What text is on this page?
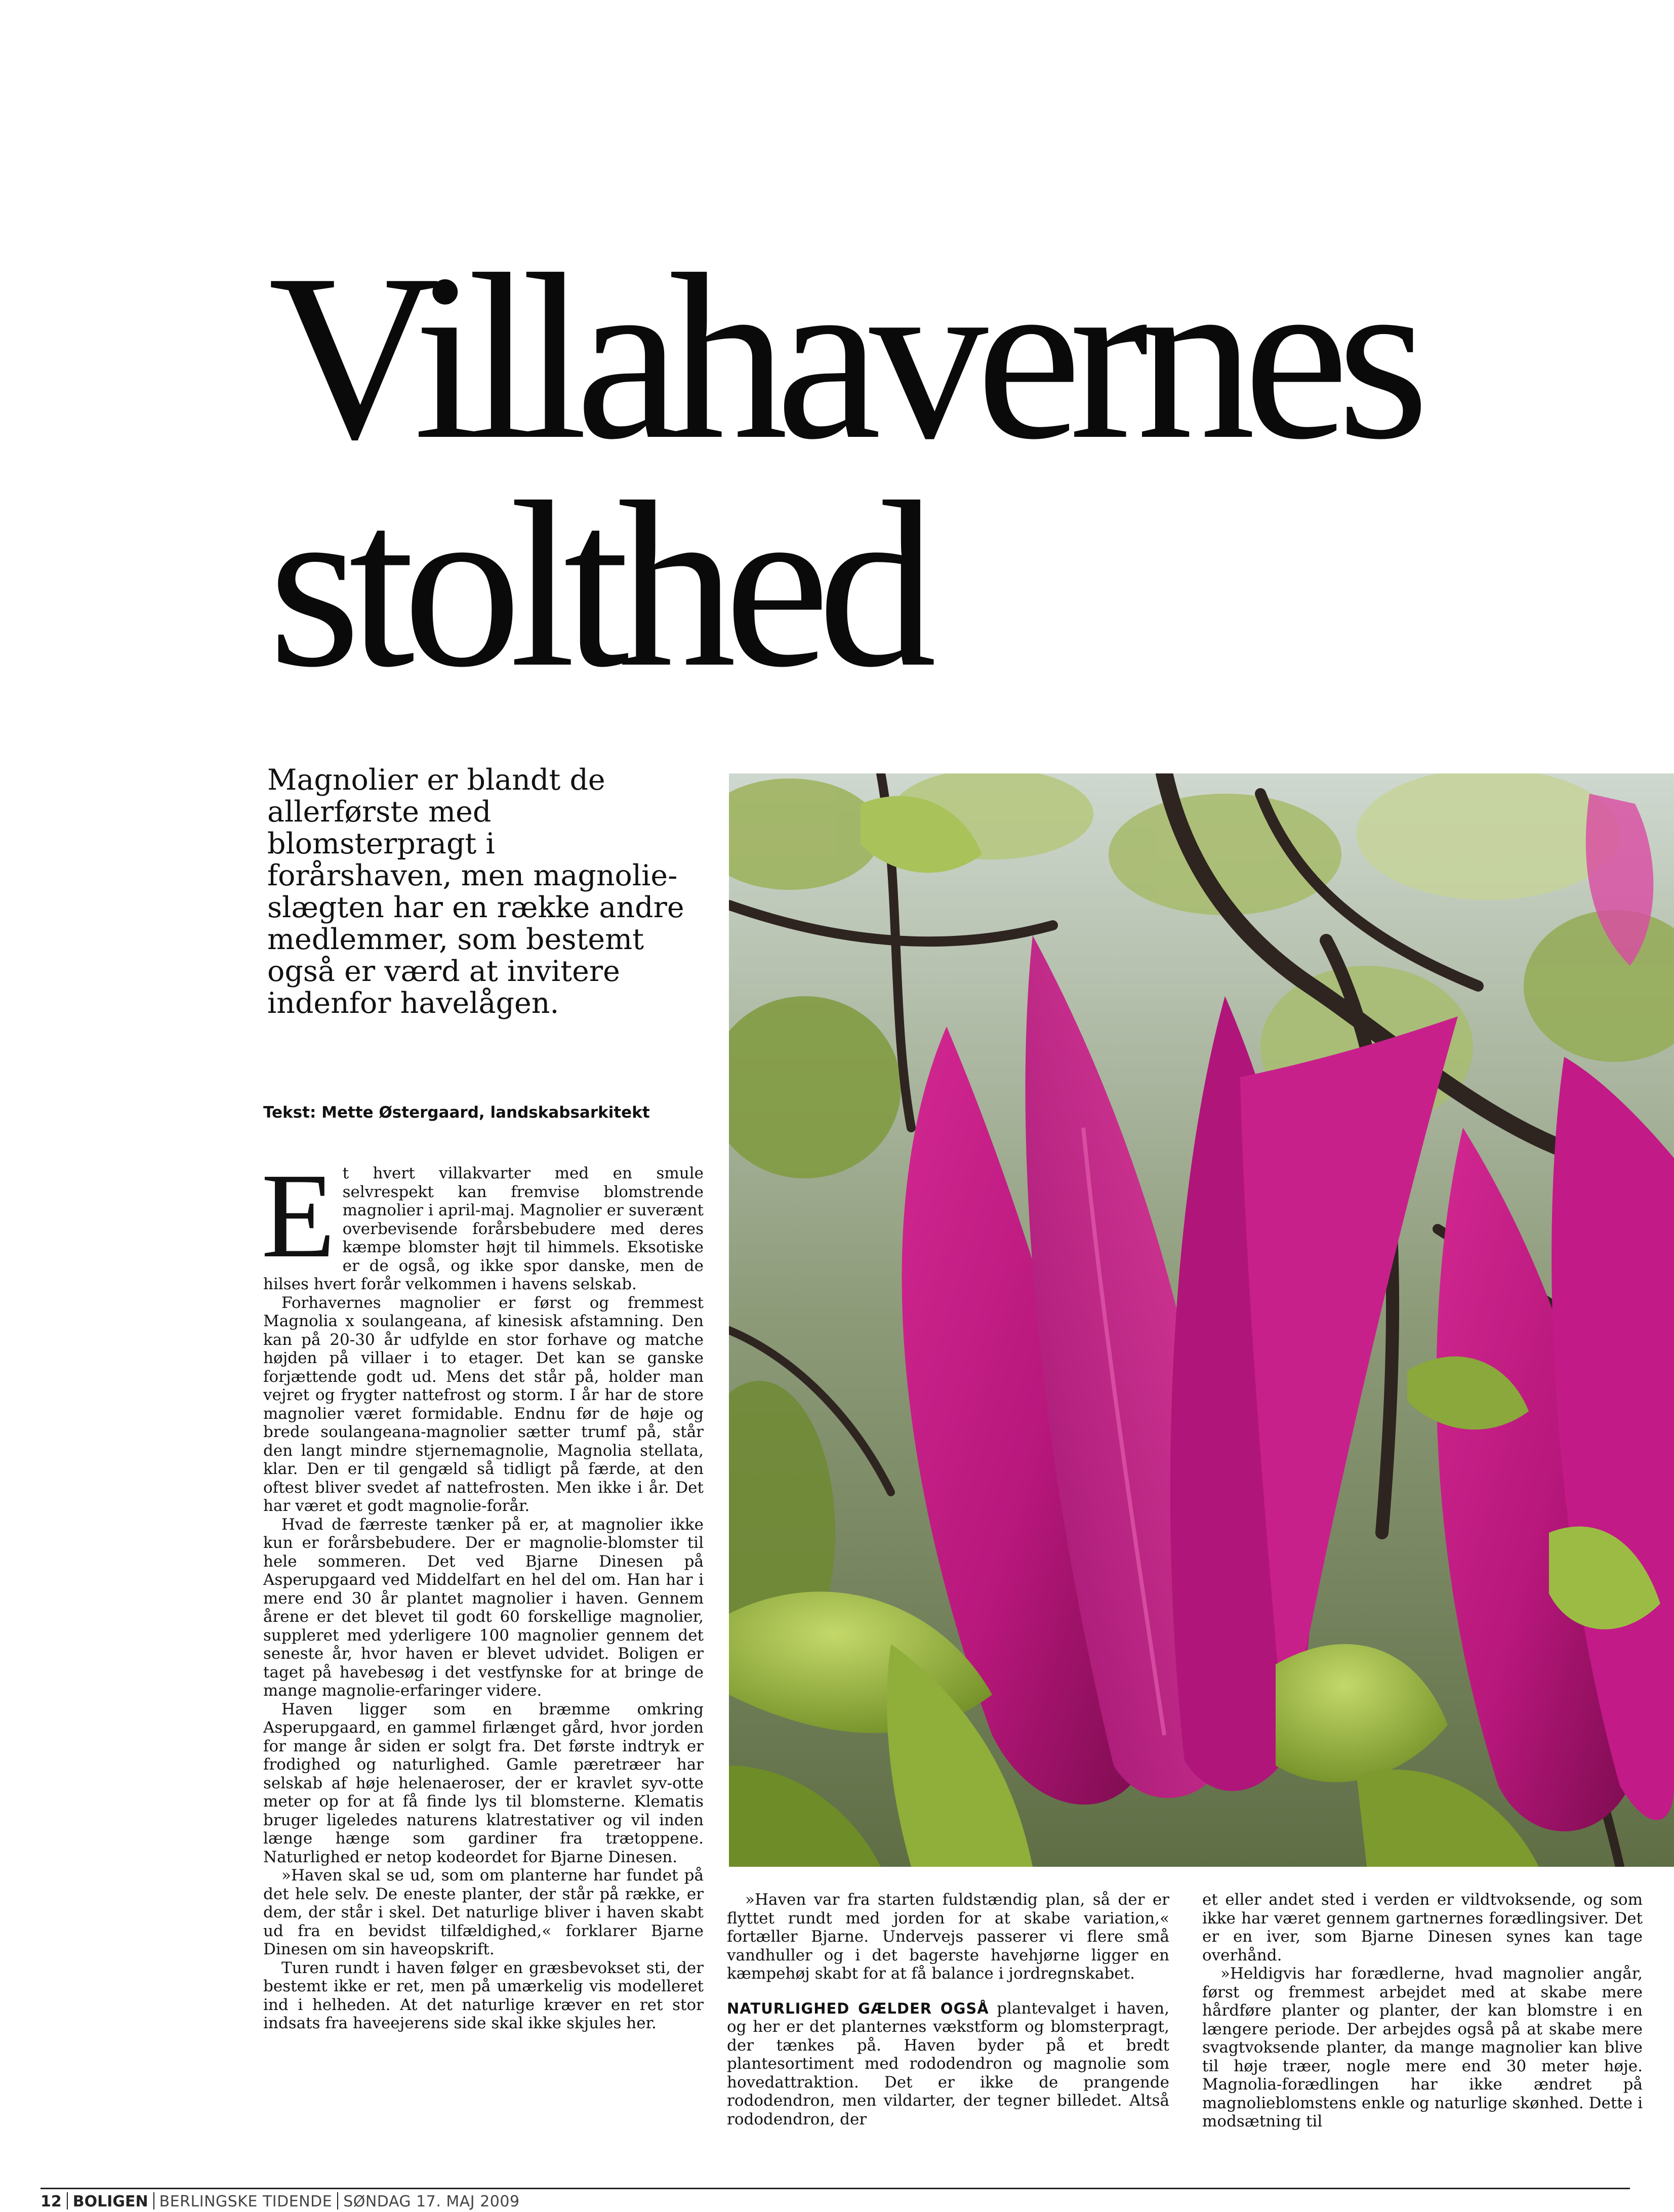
Villahavernes
stolthed

Magnolier er blandt de allerførste med blomsterpragt i forårshaven, men magnolie-slægten har en række andre medlemmer, som bestemt også er værd at invitere indenfor havelågen.

Tekst: Mette Østergaard, landskabsarkitekt

Et hvert villakvarter med en smule selvrespekt kan fremvise blomstrende magnolier i april-maj. Magnolier er suverænt overbevisende forårsbebudere med deres kæmpe blomster højt til himmels. Eksotiske er de også, og ikke spor danske, men de hilses hvert forår velkommen i havens selskab.

Forhavernes magnolier er først og fremmest Magnolia x soulangeana, af kinesisk afstamning. Den kan på 20-30 år udfylde en stor forhave og matche højden på villaer i to etager. Det kan se ganske forjættende godt ud. Mens det står på, holder man vejret og frygter nattefrost og storm. I år har de store magnolier været formidable. Endnu før de høje og brede soulangeana-magnolier sætter trumf på, står den langt mindre stjernemagnolie, Magnolia stellata, klar. Den er til gengæld så tidligt på færde, at den oftest bliver svedet af nattefrosten. Men ikke i år. Det har været et godt magnolie-forår.

Hvad de færreste tænker på er, at magnolier ikke kun er forårsbebudere. Der er magnolie-blomster til hele sommeren. Det ved Bjarne Dinesen på Asperupgaard ved Middelfart en hel del om. Han har i mere end 30 år plantet magnolier i haven. Gennem årene er det blevet til godt 60 forskellige magnolier, suppleret med yderligere 100 magnolier gennem det seneste år, hvor haven er blevet udvidet. Boligen er taget på havebesøg i det vestfynske for at bringe de mange magnolie-erfaringer videre.

Haven ligger som en bræmme omkring Asperupgaard, en gammel firlænget gård, hvor jorden for mange år siden er solgt fra. Det første indtryk er frodighed og naturlighed. Gamle pæretræer har selskab af høje helenaeroser, der er kravlet syv-otte meter op for at få finde lys til blomsterne. Klematis bruger ligeledes naturens klatrestativer og vil inden længe hænge som gardiner fra trætoppene. Naturlighed er netop kodeordet for Bjarne Dinesen.

»Haven skal se ud, som om planterne har fundet på det hele selv. De eneste planter, der står på række, er dem, der står i skel. Det naturlige bliver i haven skabt ud fra en bevidst tilfældighed,« forklarer Bjarne Dinesen om sin haveopskrift.

Turen rundt i haven følger en græsbevokset sti, der bestemt ikke er ret, men på umærkelig vis modelleret ind i helheden. At det naturlige kræver en ret stor indsats fra haveejerens side skal ikke skjules her.

»Haven var fra starten fuldstændig plan, så der er flyttet rundt med jorden for at skabe variation,« fortæller Bjarne. Undervejs passerer vi flere små vandhuller og i det bagerste havehjørne ligger en kæmpehøj skabt for at få balance i jordregnskabet.

NATURLIGHED GÆLDER OGSÅ plantevalget i haven, og her er det planternes vækstform og blomsterpragt, der tænkes på. Haven byder på et bredt plantesortiment med rododendron og magnolie som hovedattraktion. Det er ikke de prangende rododendron, men vildarter, der tegner billedet. Altså rododendron, der

et eller andet sted i verden er vildtvoksende, og som ikke har været gennem gartnernes forædlingsiver. Det er en iver, som Bjarne Dinesen synes kan tage overhånd.

»Heldigvis har forædlerne, hvad magnolier angår, først og fremmest arbejdet med at skabe mere hårdføre planter og planter, der kan blomstre i en længere periode. Der arbejdes også på at skabe mere svagtvoksende planter, da mange magnolier kan blive til høje træer, nogle mere end 30 meter høje. Magnolia-forædlingen har ikke ændret på magnolieblomstens enkle og naturlige skønhed. Dette i modsætning til

12 BOLIGEN BERLINGSKE TIDENDE SØNDAG 17. MAJ 2009
